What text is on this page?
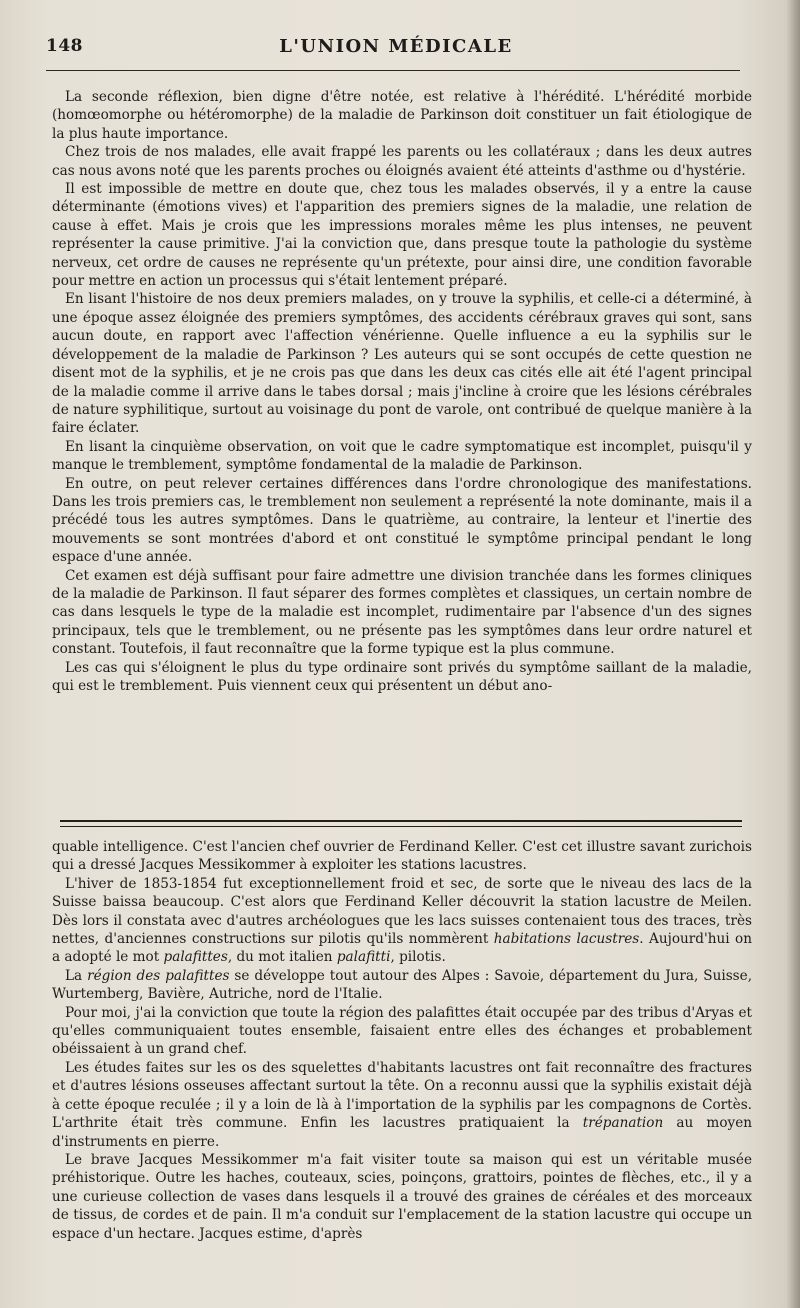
148	L'UNION MÉDICALE

La seconde réflexion, bien digne d'être notée, est relative à l'hérédité. L'hérédité morbide (homœomorphe ou hétéromorphe) de la maladie de Parkinson doit constituer un fait étiologique de la plus haute importance.

Chez trois de nos malades, elle avait frappé les parents ou les collatéraux ; dans les deux autres cas nous avons noté que les parents proches ou éloignés avaient été atteints d'asthme ou d'hystérie.

Il est impossible de mettre en doute que, chez tous les malades observés, il y a entre la cause déterminante (émotions vives) et l'apparition des premiers signes de la maladie, une relation de cause à effet. Mais je crois que les impressions morales même les plus intenses, ne peuvent représenter la cause primitive. J'ai la conviction que, dans presque toute la pathologie du système nerveux, cet ordre de causes ne représente qu'un prétexte, pour ainsi dire, une condition favorable pour mettre en action un processus qui s'était lentement préparé.

En lisant l'histoire de nos deux premiers malades, on y trouve la syphilis, et celle-ci a déterminé, à une époque assez éloignée des premiers symptômes, des accidents cérébraux graves qui sont, sans aucun doute, en rapport avec l'affection vénérienne. Quelle influence a eu la syphilis sur le développement de la maladie de Parkinson ? Les auteurs qui se sont occupés de cette question ne disent mot de la syphilis, et je ne crois pas que dans les deux cas cités elle ait été l'agent principal de la maladie comme il arrive dans le tabes dorsal ; mais j'incline à croire que les lésions cérébrales de nature syphilitique, surtout au voisinage du pont de varole, ont contribué de quelque manière à la faire éclater.

En lisant la cinquième observation, on voit que le cadre symptomatique est incomplet, puisqu'il y manque le tremblement, symptôme fondamental de la maladie de Parkinson.

En outre, on peut relever certaines différences dans l'ordre chronologique des manifestations. Dans les trois premiers cas, le tremblement non seulement a représenté la note dominante, mais il a précédé tous les autres symptômes. Dans le quatrième, au contraire, la lenteur et l'inertie des mouvements se sont montrées d'abord et ont constitué le symptôme principal pendant le long espace d'une année.

Cet examen est déjà suffisant pour faire admettre une division tranchée dans les formes cliniques de la maladie de Parkinson. Il faut séparer des formes complètes et classiques, un certain nombre de cas dans lesquels le type de la maladie est incomplet, rudimentaire par l'absence d'un des signes principaux, tels que le tremblement, ou ne présente pas les symptômes dans leur ordre naturel et constant. Toutefois, il faut reconnaître que la forme typique est la plus commune.

Les cas qui s'éloignent le plus du type ordinaire sont privés du symptôme saillant de la maladie, qui est le tremblement. Puis viennent ceux qui présentent un début ano-

quable intelligence. C'est l'ancien chef ouvrier de Ferdinand Keller. C'est cet illustre savant zurichois qui a dressé Jacques Messikommer à exploiter les stations lacustres.

L'hiver de 1853-1854 fut exceptionnellement froid et sec, de sorte que le niveau des lacs de la Suisse baissa beaucoup. C'est alors que Ferdinand Keller découvrit la station lacustre de Meilen. Dès lors il constata avec d'autres archéologues que les lacs suisses contenaient tous des traces, très nettes, d'anciennes constructions sur pilotis qu'ils nommèrent habitations lacustres. Aujourd'hui on a adopté le mot palafittes, du mot italien palafitti, pilotis.

La région des palafittes se développe tout autour des Alpes : Savoie, département du Jura, Suisse, Wurtemberg, Bavière, Autriche, nord de l'Italie.

Pour moi, j'ai la conviction que toute la région des palafittes était occupée par des tribus d'Aryas et qu'elles communiquaient toutes ensemble, faisaient entre elles des échanges et probablement obéissaient à un grand chef.

Les études faites sur les os des squelettes d'habitants lacustres ont fait reconnaître des fractures et d'autres lésions osseuses affectant surtout la tête. On a reconnu aussi que la syphilis existait déjà à cette époque reculée ; il y a loin de là à l'importation de la syphilis par les compagnons de Cortès. L'arthrite était très commune. Enfin les lacustres pratiquaient la trépanation au moyen d'instruments en pierre.

Le brave Jacques Messikommer m'a fait visiter toute sa maison qui est un véritable musée préhistorique. Outre les haches, couteaux, scies, poinçons, grattoirs, pointes de flèches, etc., il y a une curieuse collection de vases dans lesquels il a trouvé des graines de céréales et des morceaux de tissus, de cordes et de pain. Il m'a conduit sur l'emplacement de la station lacustre qui occupe un espace d'un hectare. Jacques estime, d'après
